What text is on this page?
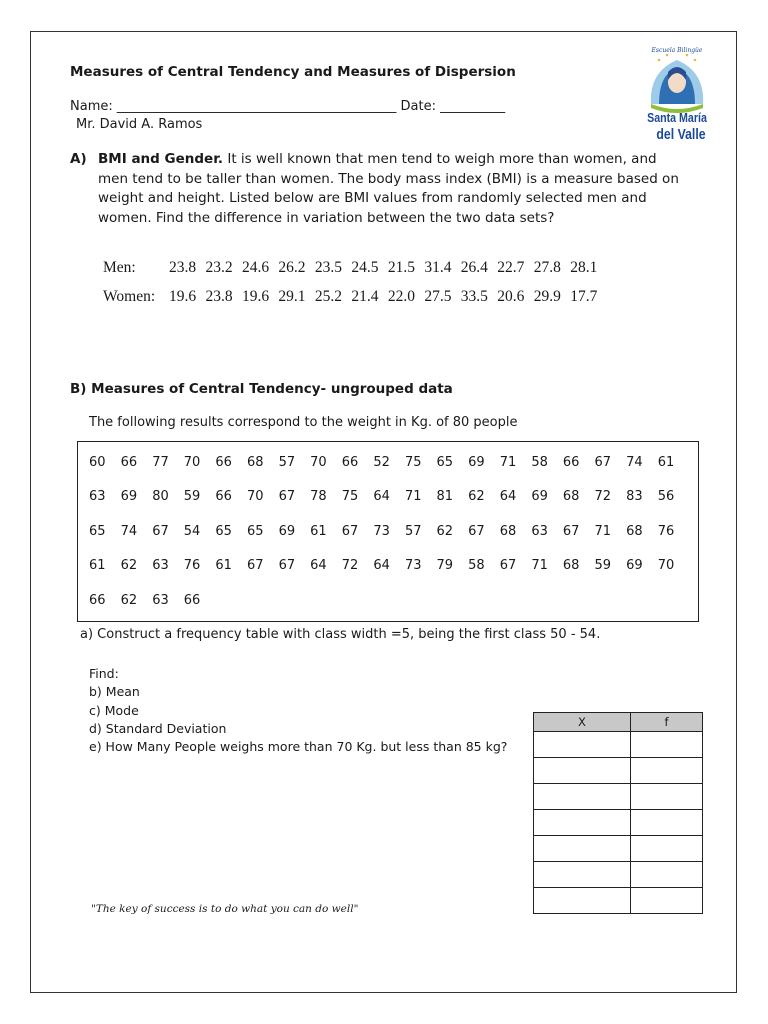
Measures of Central Tendency and Measures of Dispersion
Name: ___________________________________________ Date: __________
Mr. David A. Ramos
Escuela Bilingüe
Santa María
del Valle
A) BMI and Gender. It is well known that men tend to weigh more than women, and men tend to be taller than women. The body mass index (BMI) is a measure based on weight and height. Listed below are BMI values from randomly selected men and women. Find the difference in variation between the two data sets?
Men: 23.8  23.2  24.6  26.2  23.5  24.5  21.5  31.4  26.4  22.7  27.8  28.1
Women: 19.6  23.8  19.6  29.1  25.2  21.4  22.0  27.5  33.5  20.6  29.9  17.7
B) Measures of Central Tendency- ungrouped data
The following results correspond to the weight in Kg. of 80 people
60 66 77 70 66 68 57 70 66 52 75 65 69 71 58 66 67 74 61
63 69 80 59 66 70 67 78 75 64 71 81 62 64 69 68 72 83 56
65 74 67 54 65 65 69 61 67 73 57 62 67 68 63 67 71 68 76
61 62 63 76 61 67 67 64 72 64 73 79 58 67 71 68 59 69 70
66 62 63 66
a) Construct a frequency table with class width =5, being the first class 50 - 54.
Find:
b) Mean
c) Mode
d) Standard Deviation
e) How Many People weighs more than 70 Kg. but less than 85 kg?
X	f

"The key of success is to do what you can do well"
